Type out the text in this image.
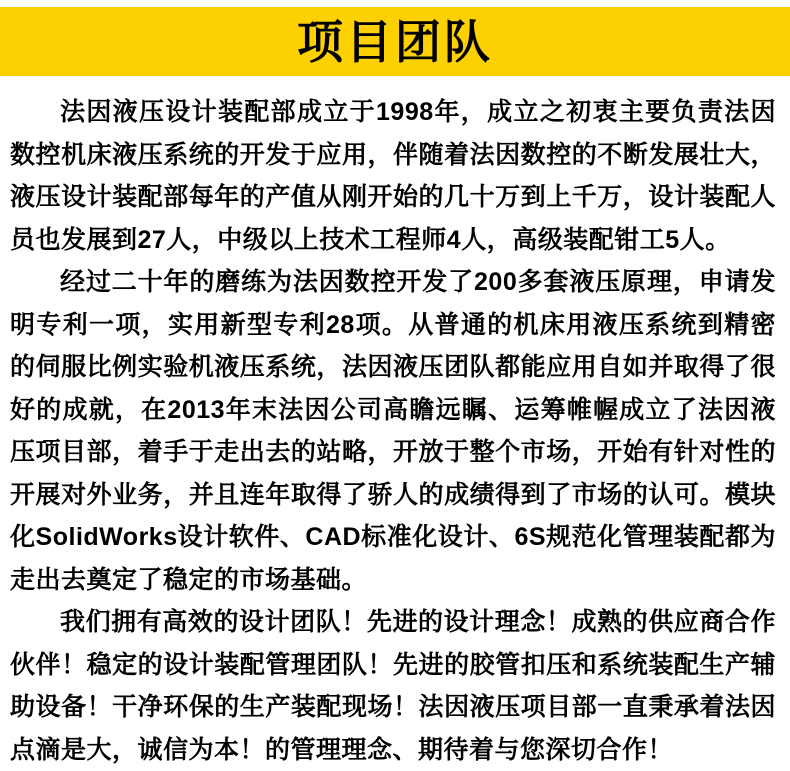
项目团队

法因液压设计装配部成立于1998年，成立之初衷主要负责法因数控机床液压系统的开发于应用，伴随着法因数控的不断发展壮大，液压设计装配部每年的产值从刚开始的几十万到上千万，设计装配人员也发展到27人，中级以上技术工程师4人，高级装配钳工5人。

经过二十年的磨练为法因数控开发了200多套液压原理，申请发明专利一项，实用新型专利28项。从普通的机床用液压系统到精密的伺服比例实验机液压系统，法因液压团队都能应用自如并取得了很好的成就，在2013年末法因公司高瞻远瞩、运筹帷幄成立了法因液压项目部，着手于走出去的站略，开放于整个市场，开始有针对性的开展对外业务，并且连年取得了骄人的成绩得到了市场的认可。模块化SolidWorks设计软件、CAD标准化设计、6S规范化管理装配都为走出去奠定了稳定的市场基础。

我们拥有高效的设计团队！先进的设计理念！成熟的供应商合作伙伴！稳定的设计装配管理团队！先进的胶管扣压和系统装配生产辅助设备！干净环保的生产装配现场！法因液压项目部一直秉承着法因点滴是大，诚信为本！的管理理念、期待着与您深切合作！
